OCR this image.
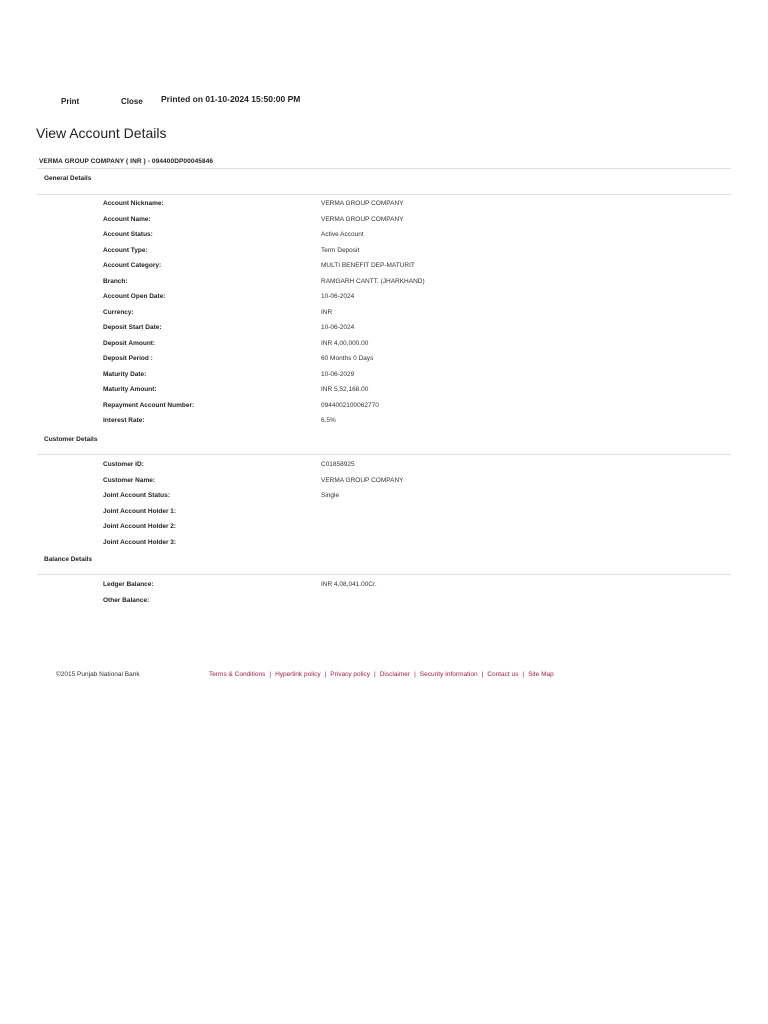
Print	Close Printed on 01-10-2024 15:50:00 PM
View Account Details
VERMA GROUP COMPANY ( INR ) - 094400DP00045846
General Details
Account Nickname:	VERMA GROUP COMPANY
Account Name:	VERMA GROUP COMPANY
Account Status:	Active Account
Account Type:	Term Deposit
Account Category:	MULTI BENEFIT DEP-MATURIT
Branch:	RAMGARH CANTT. (JHARKHAND)
Account Open Date:	10-06-2024
Currency:	INR
Deposit Start Date:	10-06-2024
Deposit Amount:	INR 4,00,000.00
Deposit Period :	60 Months 0 Days
Maturity Date:	10-06-2029
Maturity Amount:	INR 5,52,168.00
Repayment Account Number:	0944002100062770
Interest Rate:	6.5%
Customer Details
Customer ID:	C01858925
Customer Name:	VERMA GROUP COMPANY
Joint Account Status:	Single
Joint Account Holder 1:
Joint Account Holder 2:
Joint Account Holder 3:
Balance Details
Ledger Balance:	INR 4,08,041.00Cr.
Other Balance:
©2015 Punjab National Bank	Terms & Conditions | Hyperlink policy | Privacy policy | Disclaimer | Security Information | Contact us | Site Map
